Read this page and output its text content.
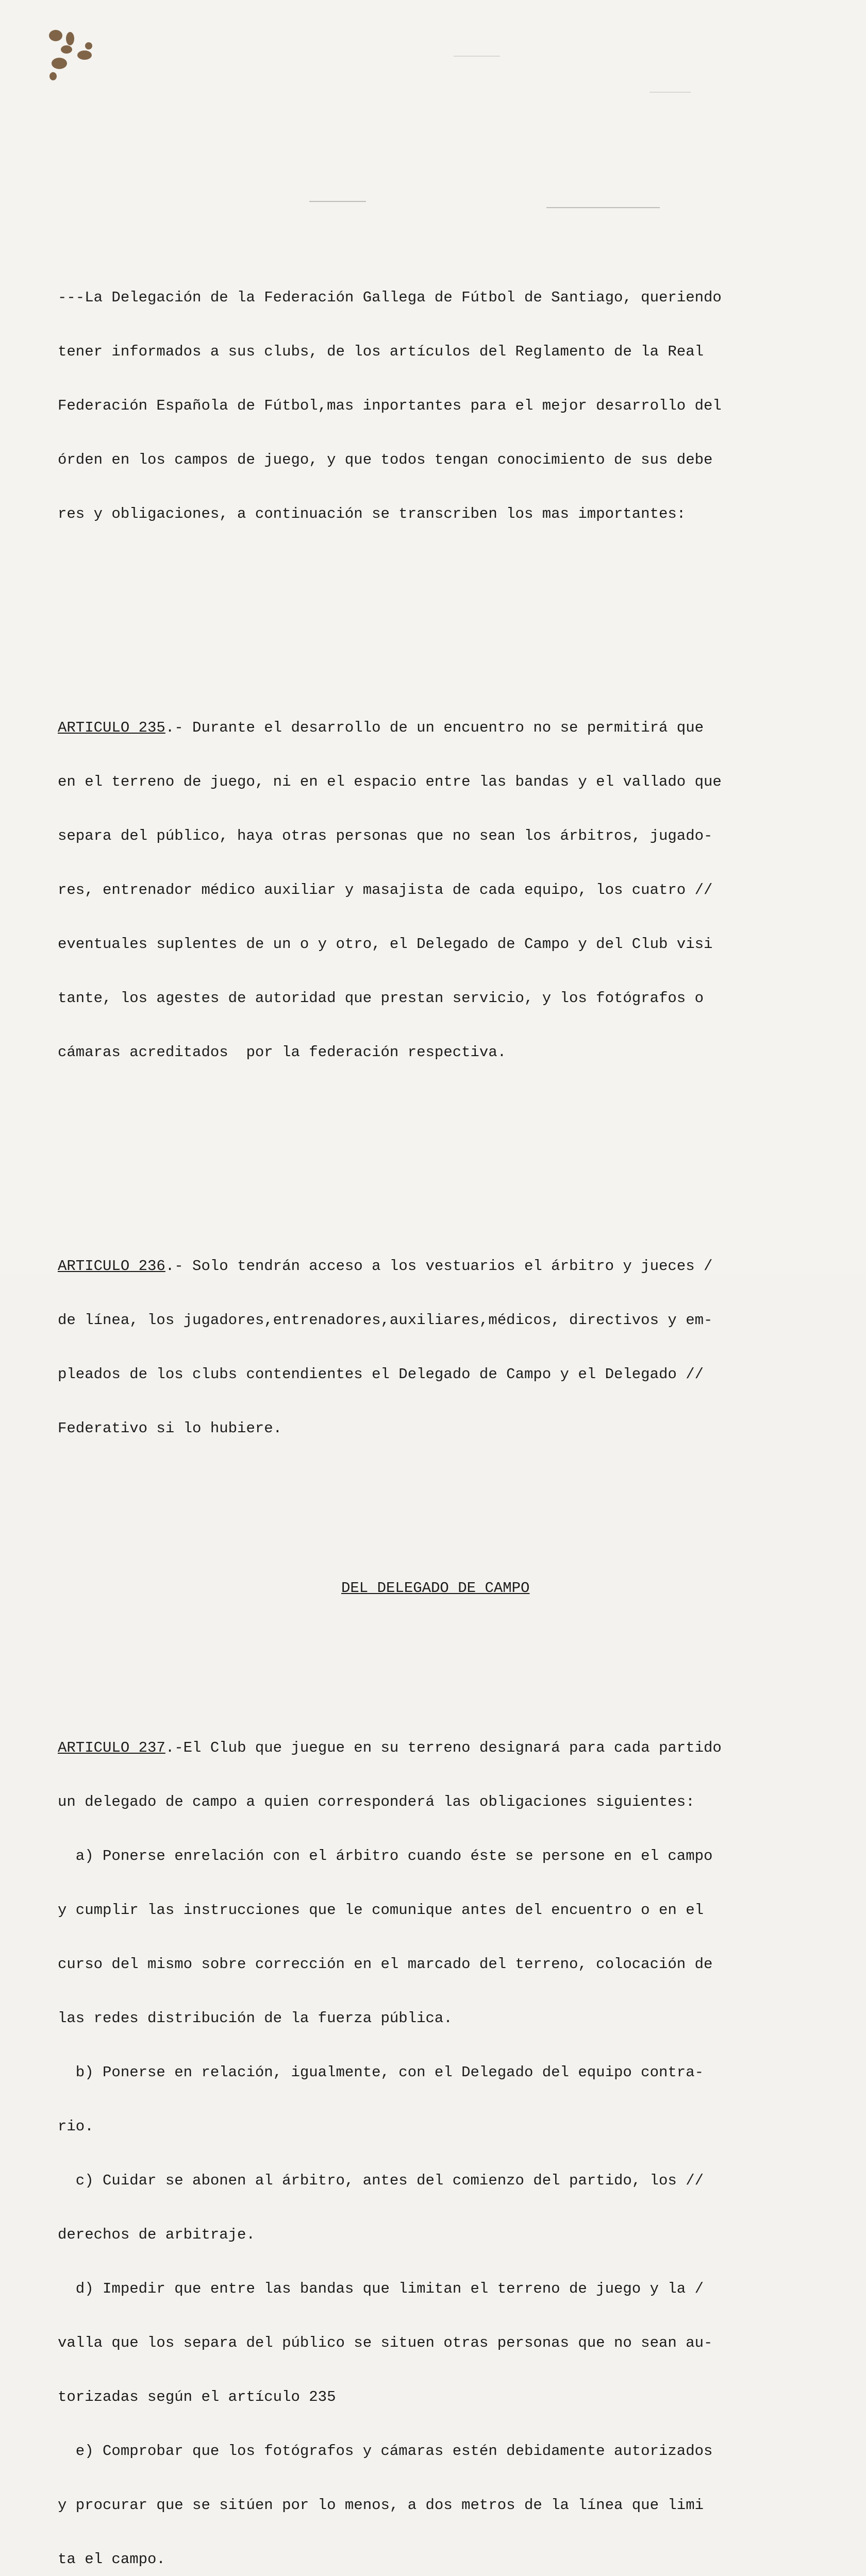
---La Delegación de la Federación Gallega de Fútbol de Santiago, queriendo

tener informados a sus clubs, de los artículos del Reglamento de la Real

Federación Española de Fútbol,mas inportantes para el mejor desarrollo del

órden en los campos de juego, y que todos tengan conocimiento de sus debe

res y obligaciones, a continuación se transcriben los mas importantes:

ARTICULO 235.- Durante el desarrollo de un encuentro no se permitirá que

en el terreno de juego, ni en el espacio entre las bandas y el vallado que

separa del público, haya otras personas que no sean los árbitros, jugado-

res, entrenador médico auxiliar y masajista de cada equipo, los cuatro //

eventuales suplentes de un o y otro, el Delegado de Campo y del Club visi

tante, los agestes de autoridad que prestan servicio, y los fotógrafos o

cámaras acreditados  por la federación respectiva.

ARTICULO 236.- Solo tendrán acceso a los vestuarios el árbitro y jueces /

de línea, los jugadores,entrenadores,auxiliares,médicos, directivos y em-

pleados de los clubs contendientes el Delegado de Campo y el Delegado //

Federativo si lo hubiere.

DEL DELEGADO DE CAMPO

ARTICULO 237.-El Club que juegue en su terreno designará para cada partido

un delegado de campo a quien corresponderá las obligaciones siguientes:

a) Ponerse enrelación con el árbitro cuando éste se persone en el campo

y cumplir las instrucciones que le comunique antes del encuentro o en el

curso del mismo sobre corrección en el marcado del terreno, colocación de

las redes distribución de la fuerza pública.

b) Ponerse en relación, igualmente, con el Delegado del equipo contra-

rio.

c) Cuidar se abonen al árbitro, antes del comienzo del partido, los //

derechos de arbitraje.

d) Impedir que entre las bandas que limitan el terreno de juego y la /

valla que los separa del público se situen otras personas que no sean au-

torizadas según el artículo 235

e) Comprobar que los fotógrafos y cámaras estén debidamente autorizados

y procurar que se sitúen por lo menos, a dos metros de la línea que limi

ta el campo.
